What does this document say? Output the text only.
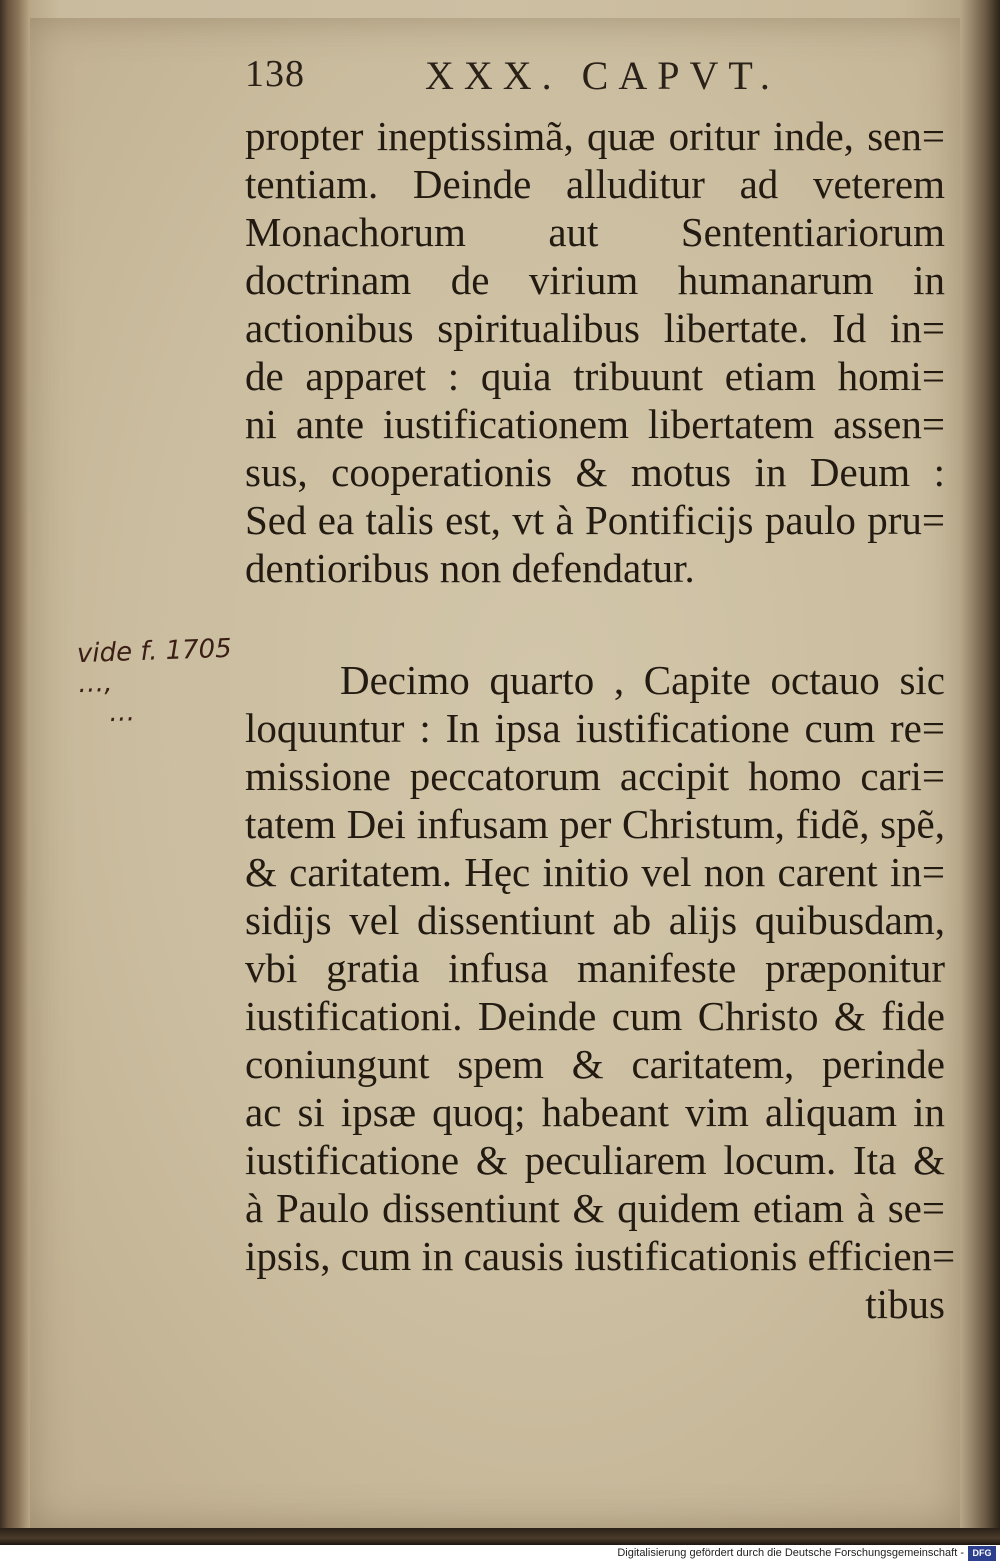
138	XXX. CAPVT.
propter ineptissimã, quæ oritur inde, sen=
tentiam. Deinde alluditur ad veterem
Monachorum aut Sententiariorum
doctrinam de virium humanarum in
actionibus spiritualibus libertate. Id in=
de apparet : quia tribuunt etiam homi=
ni ante iustificationem libertatem assen=
sus, cooperationis & motus in Deum :
Sed ea talis est, vt à Pontificijs paulo pru=
dentioribus non defendatur.
Decimo quarto , Capite octauo sic
loquuntur : In ipsa iustificatione cum re=
missione peccatorum accipit homo cari=
tatem Dei infusam per Christum, fidẽ, spẽ,
& caritatem. Hęc initio vel non carent in=
sidijs vel dissentiunt ab alijs quibusdam,
vbi gratia infusa manifeste præponitur
iustificationi. Deinde cum Christo & fide
coniungunt spem & caritatem, perinde
ac si ipsæ quoq; habeant vim aliquam in
iustificatione & peculiarem locum. Ita &
à Paulo dissentiunt & quidem etiam à se=
ipsis, cum in causis iustificationis efficien=
tibus
vide f. 1705 …,
…
Digitalisierung gefördert durch die Deutsche Forschungsgemeinschaft - DFG
